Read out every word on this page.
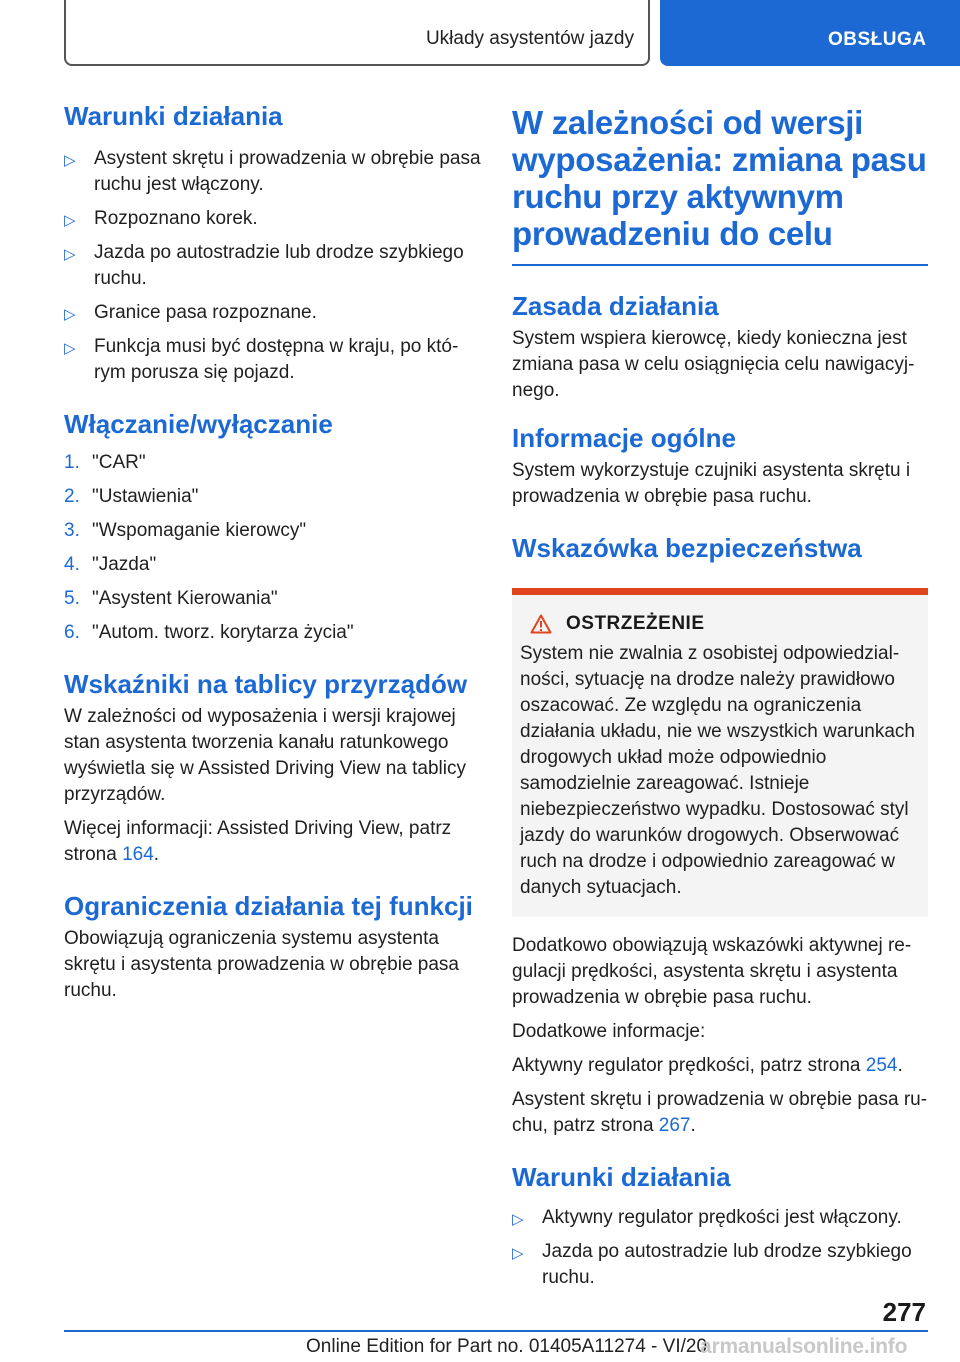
Układy asystentów jazdy	OBSŁUGA
Warunki działania
▷ Asystent skrętu i prowadzenia w obrębie pasa ruchu jest włączony.
▷ Rozpoznano korek.
▷ Jazda po autostradzie lub drodze szybkiego ruchu.
▷ Granice pasa rozpoznane.
▷ Funkcja musi być dostępna w kraju, po którym porusza się pojazd.
Włączanie/wyłączanie
1. "CAR"
2. "Ustawienia"
3. "Wspomaganie kierowcy"
4. "Jazda"
5. "Asystent Kierowania"
6. "Autom. tworz. korytarza życia"
Wskaźniki na tablicy przyrządów

W zależności od wyposażenia i wersji krajowej stan asystenta tworzenia kanału ratunkowego wyświetla się w Assisted Driving View na tablicy przyrządów.

Więcej informacji: Assisted Driving View, patrz strona 164.

Ograniczenia działania tej funkcji

Obowiązują ograniczenia systemu asystenta skrętu i asystenta prowadzenia w obrębie pasa ruchu.

W zależności od wersji wyposażenia: zmiana pasu ruchu przy aktywnym prowadzeniu do celu
Zasada działania

System wspiera kierowcę, kiedy konieczna jest zmiana pasa w celu osiągnięcia celu nawigacyjnego.

Informacje ogólne

System wykorzystuje czujniki asystenta skrętu i prowadzenia w obrębie pasa ruchu.

Wskazówka bezpieczeństwa
OSTRZEŻENIE

System nie zwalnia z osobistej odpowiedzialności, sytuację na drodze należy prawidłowo oszacować. Ze względu na ograniczenia działania układu, nie we wszystkich warunkach drogowych układ może odpowiednio samodzielnie zareagować. Istnieje niebezpieczeństwo wypadku. Dostosować styl jazdy do warunków drogowych. Obserwować ruch na drodze i odpowiednio zareagować w danych sytuacjach.

Dodatkowo obowiązują wskazówki aktywnej regulacji prędkości, asystenta skrętu i asystenta prowadzenia w obrębie pasa ruchu.

Dodatkowe informacje:

Aktywny regulator prędkości, patrz strona 254.

Asystent skrętu i prowadzenia w obrębie pasa ruchu, patrz strona 267.

Warunki działania
▷ Aktywny regulator prędkości jest włączony.
▷ Jazda po autostradzie lub drodze szybkiego ruchu.
277
Online Edition for Part no. 01405A11274 - VI/20
armanualsonline.info
